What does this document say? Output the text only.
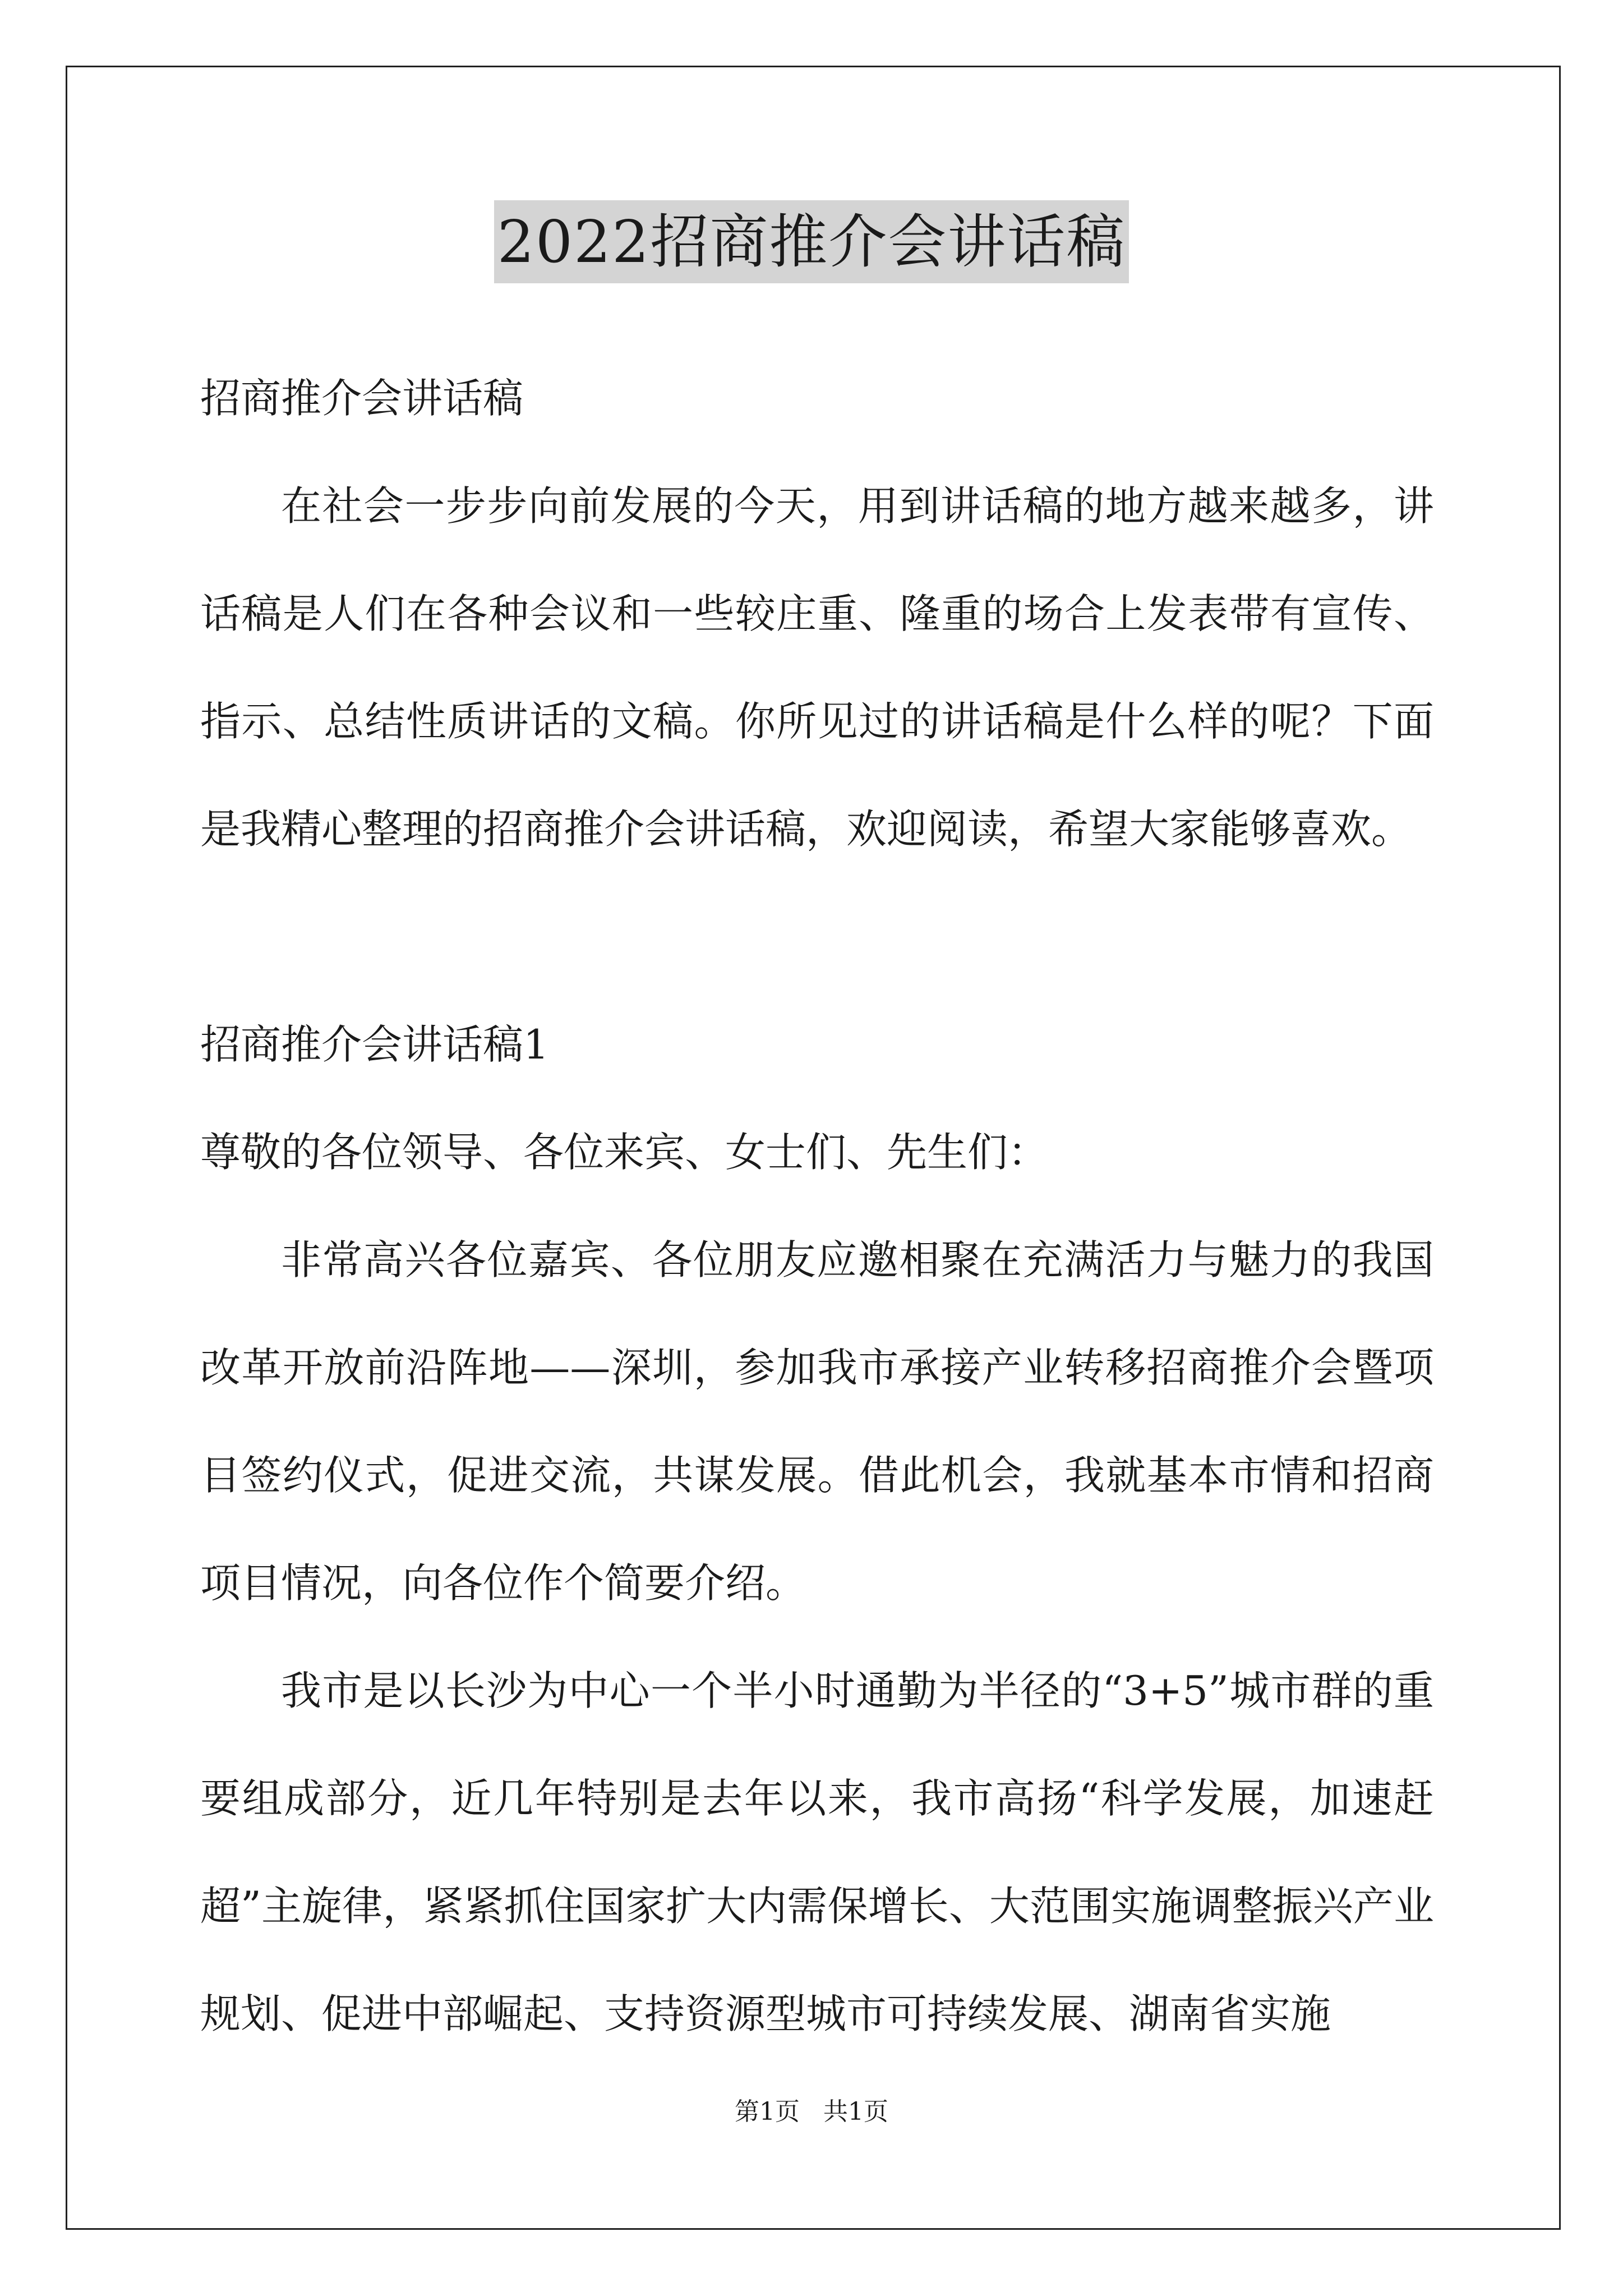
2022招商推介会讲话稿

招商推介会讲话稿

在社会一步步向前发展的今天，用到讲话稿的地方越来越多，讲话稿是人们在各种会议和一些较庄重、隆重的场合上发表带有宣传、指示、总结性质讲话的文稿。你所见过的讲话稿是什么样的呢？下面是我精心整理的招商推介会讲话稿，欢迎阅读，希望大家能够喜欢。

招商推介会讲话稿1

尊敬的各位领导、各位来宾、女士们、先生们：

非常高兴各位嘉宾、各位朋友应邀相聚在充满活力与魅力的我国改革开放前沿阵地——深圳，参加我市承接产业转移招商推介会暨项目签约仪式，促进交流，共谋发展。借此机会，我就基本市情和招商项目情况，向各位作个简要介绍。

我市是以长沙为中心一个半小时通勤为半径的“3+5”城市群的重要组成部分，近几年特别是去年以来，我市高扬“科学发展，加速赶超”主旋律，紧紧抓住国家扩大内需保增长、大范围实施调整振兴产业规划、促进中部崛起、支持资源型城市可持续发展、湖南省实施

第1页   共1页
